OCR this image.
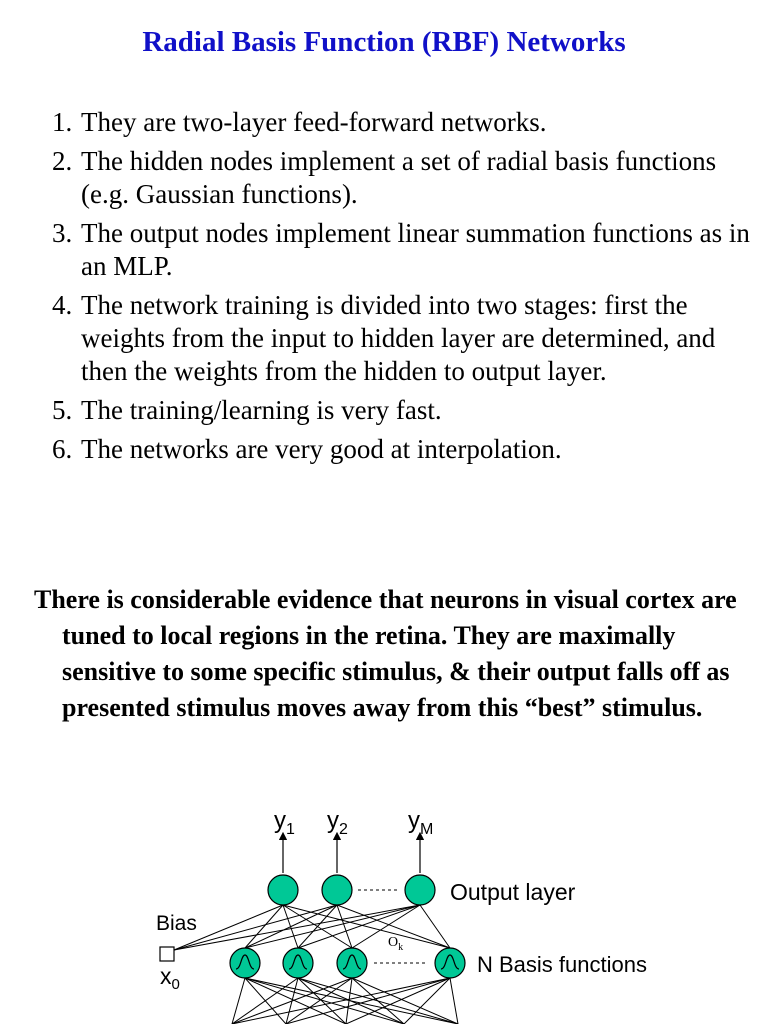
Radial Basis Function (RBF) Networks
1. They are two-layer feed-forward networks.
2. The hidden nodes implement a set of radial basis functions (e.g. Gaussian functions).
3. The output nodes implement linear summation functions as in an MLP.
4. The network training is divided into two stages: first the weights from the input to hidden layer are determined, and then the weights from the hidden to output layer.
5. The training/learning is very fast.
6. The networks are very good at interpolation.

There is considerable evidence that neurons in visual cortex are tuned to local regions in the retina. They are maximally sensitive to some specific stimulus, & their output falls off as presented stimulus moves away from this “best” stimulus.

$y_1$ $y_2$	$y_M$
Output layer
Bias
$x_0$
$O_k$
N Basis functions
